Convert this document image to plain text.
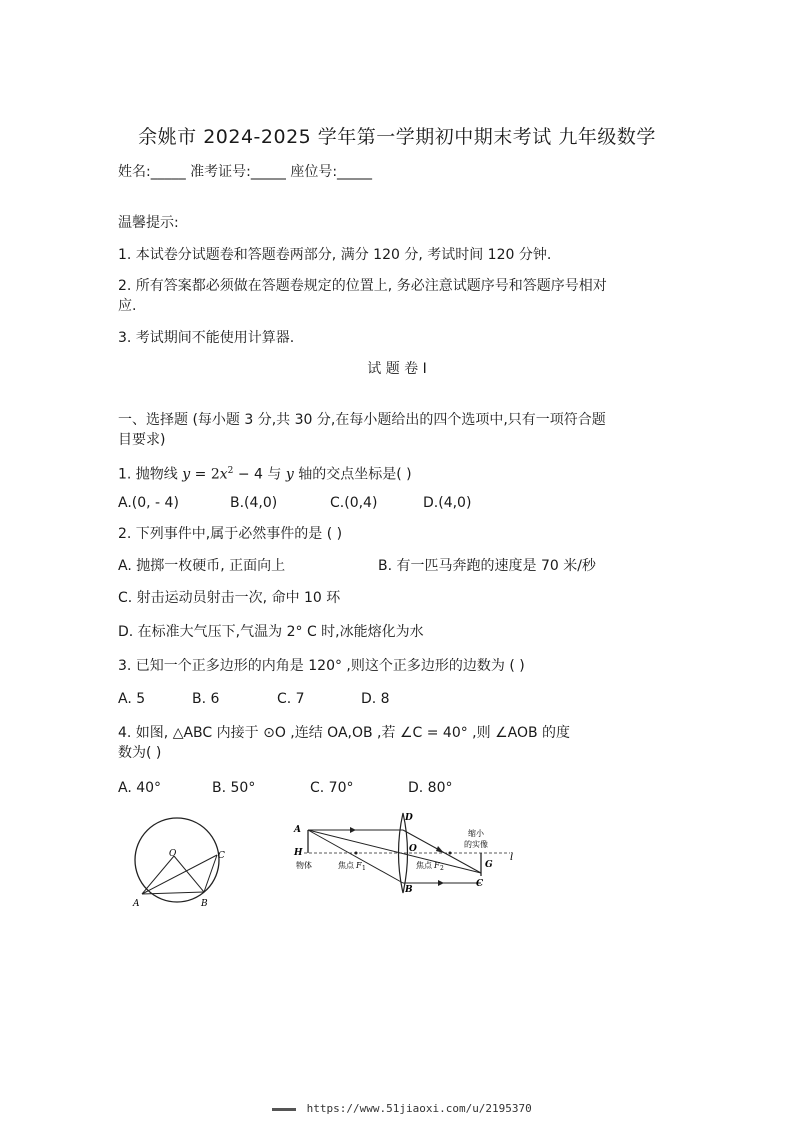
余姚市 2024-2025 学年第一学期初中期末考试 九年级数学
姓名:_____ 准考证号:_____ 座位号:_____
温馨提示:
1. 本试卷分试题卷和答题卷两部分, 满分 120 分, 考试时间 120 分钟.
2. 所有答案都必须做在答题卷规定的位置上, 务必注意试题序号和答题序号相对
应.
3. 考试期间不能使用计算器.
试 题 卷 I
一、选择题 (每小题 3 分,共 30 分,在每小题给出的四个选项中,只有一项符合题
目要求)
1. 抛物线 $y = 2x^2 - 4$ 与 y 轴的交点坐标是( )
A.(0, - 4)	B.(4,0)	C.(0,4)	D.(4,0)
2. 下列事件中,属于必然事件的是 ( )
A. 抛掷一枚硬币, 正面向上	B. 有一匹马奔跑的速度是 70 米/秒
C. 射击运动员射击一次, 命中 10 环
D. 在标准大气压下,气温为 2° C 时,冰能熔化为水
3. 已知一个正多边形的内角是 120° ,则这个正多边形的边数为 ( )
A. 5	B. 6	C. 7	D. 8
4. 如图, △ABC 内接于 ⊙O ,连结 OA,OB ,若 ∠C = 40° ,则 ∠AOB 的度
数为( )
A. 40°	B. 50°	C. 70°	D. 80°
O
A	B
C
A
H
物体	焦点 F 1
D
O
焦点 F 2
B
缩小
的实像
G
C
l
https://www.51jiaoxi.com/u/2195370
